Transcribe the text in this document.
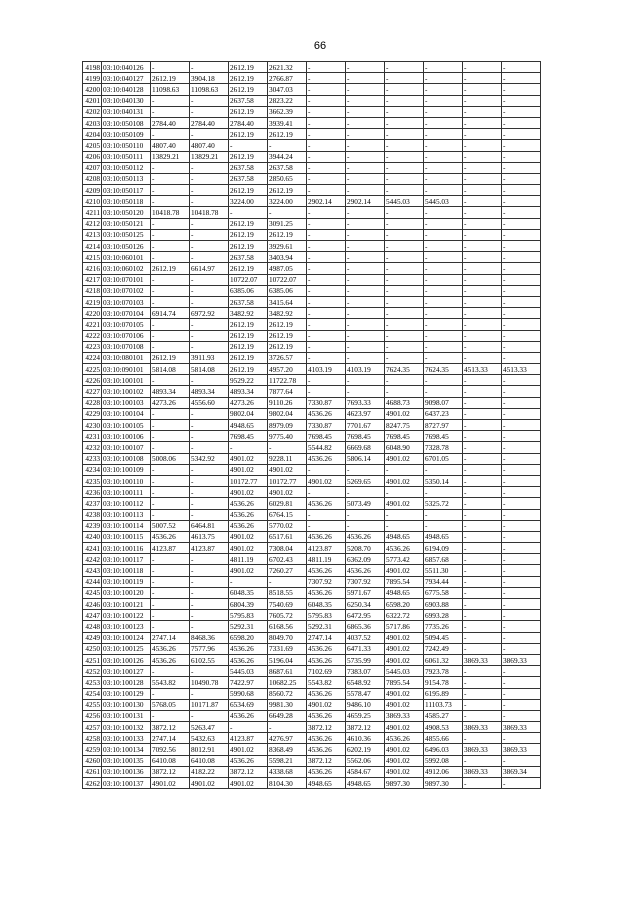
66
4198	03:10:040126	-	-	2612.19	2621.32	-	-	-	-	-	-
4199	03:10:040127	2612.19	3904.18	2612.19	2766.87	-	-	-	-	-	-
4200	03:10:040128	11098.63	11098.63	2612.19	3047.03	-	-	-	-	-	-
4201	03:10:040130	-	-	2637.58	2823.22	-	-	-	-	-	-
4202	03:10:040131	-	-	2612.19	3662.39	-	-	-	-	-	-
4203	03:10:050108	2784.40	2784.40	2784.40	3939.41	-	-	-	-	-	-
4204	03:10:050109	-	-	2612.19	2612.19	-	-	-	-	-	-
4205	03:10:050110	4807.40	4807.40	-	-	-	-	-	-	-	-
4206	03:10:050111	13829.21	13829.21	2612.19	3944.24	-	-	-	-	-	-
4207	03:10:050112	-	-	2637.58	2637.58	-	-	-	-	-	-
4208	03:10:050113	-	-	2637.58	2850.65	-	-	-	-	-	-
4209	03:10:050117	-	-	2612.19	2612.19	-	-	-	-	-	-
4210	03:10:050118	-	-	3224.00	3224.00	2902.14	2902.14	5445.03	5445.03	-	-
4211	03:10:050120	10418.78	10418.78	-	-	-	-	-	-	-	-
4212	03:10:050121	-	-	2612.19	3091.25	-	-	-	-	-	-
4213	03:10:050125	-	-	2612.19	2612.19	-	-	-	-	-	-
4214	03:10:050126	-	-	2612.19	3929.61	-	-	-	-	-	-
4215	03:10:060101	-	-	2637.58	3403.94	-	-	-	-	-	-
4216	03:10:060102	2612.19	6614.97	2612.19	4987.05	-	-	-	-	-	-
4217	03:10:070101	-	-	10722.07	10722.07	-	-	-	-	-	-
4218	03:10:070102	-	-	6385.06	6385.06	-	-	-	-	-	-
4219	03:10:070103	-	-	2637.58	3415.64	-	-	-	-	-	-
4220	03:10:070104	6914.74	6972.92	3482.92	3482.92	-	-	-	-	-	-
4221	03:10:070105	-	-	2612.19	2612.19	-	-	-	-	-	-
4222	03:10:070106	-	-	2612.19	2612.19	-	-	-	-	-	-
4223	03:10:070108	-	-	2612.19	2612.19	-	-	-	-	-	-
4224	03:10:080101	2612.19	3911.93	2612.19	3726.57	-	-	-	-	-	-
4225	03:10:090101	5814.08	5814.08	2612.19	4957.20	4103.19	4103.19	7624.35	7624.35	4513.33	4513.33
4226	03:10:100101	-	-	9529.22	11722.78	-	-	-	-	-	-
4227	03:10:100102	4893.34	4893.34	4893.34	7877.64	-	-	-	-	-	-
4228	03:10:100103	4273.26	4556.60	4273.26	9110.26	7330.87	7693.33	4688.73	9098.07	-	-
4229	03:10:100104	-	-	9802.04	9802.04	4536.26	4623.97	4901.02	6437.23	-	-
4230	03:10:100105	-	-	4948.65	8979.09	7330.87	7701.67	8247.75	8727.97	-	-
4231	03:10:100106	-	-	7698.45	9775.40	7698.45	7698.45	7698.45	7698.45	-	-
4232	03:10:100107	-	-	-	-	5544.82	6669.68	6048.90	7328.78	-	-
4233	03:10:100108	5008.06	5342.92	4901.02	9228.11	4536.26	5806.14	4901.02	6701.05	-	-
4234	03:10:100109	-	-	4901.02	4901.02	-	-	-	-	-	-
4235	03:10:100110	-	-	10172.77	10172.77	4901.02	5269.65	4901.02	5350.14	-	-
4236	03:10:100111	-	-	4901.02	4901.02	-	-	-	-	-	-
4237	03:10:100112	-	-	4536.26	6029.81	4536.26	5073.49	4901.02	5325.72	-	-
4238	03:10:100113	-	-	4536.26	6764.15	-	-	-	-	-	-
4239	03:10:100114	5007.52	6464.81	4536.26	5770.02	-	-	-	-	-	-
4240	03:10:100115	4536.26	4613.75	4901.02	6517.61	4536.26	4536.26	4948.65	4948.65	-	-
4241	03:10:100116	4123.87	4123.87	4901.02	7308.04	4123.87	5208.70	4536.26	6194.09	-	-
4242	03:10:100117	-	-	4811.19	6702.43	4811.19	6362.09	5773.42	6857.68	-	-
4243	03:10:100118	-	-	4901.02	7260.27	4536.26	4536.26	4901.02	5511.30	-	-
4244	03:10:100119	-	-	-	-	7307.92	7307.92	7895.54	7934.44	-	-
4245	03:10:100120	-	-	6048.35	8518.55	4536.26	5971.67	4948.65	6775.58	-	-
4246	03:10:100121	-	-	6804.39	7540.69	6048.35	6250.34	6598.20	6903.88	-	-
4247	03:10:100122	-	-	5795.83	7605.72	5795.83	6472.95	6322.72	6993.28	-	-
4248	03:10:100123	-	-	5292.31	6168.56	5292.31	6865.36	5717.86	7735.26	-	-
4249	03:10:100124	2747.14	8468.36	6598.20	8049.70	2747.14	4037.52	4901.02	5094.45	-	-
4250	03:10:100125	4536.26	7577.96	4536.26	7331.69	4536.26	6471.33	4901.02	7242.49	-	-
4251	03:10:100126	4536.26	6102.55	4536.26	5196.04	4536.26	5735.99	4901.02	6061.32	3869.33	3869.33
4252	03:10:100127	-	-	5445.03	8687.61	7102.69	7383.07	5445.03	7923.78	-	-
4253	03:10:100128	5543.82	10490.78	7422.97	10682.25	5543.82	6548.92	7895.54	9154.78	-	-
4254	03:10:100129	-	-	5990.68	8560.72	4536.26	5578.47	4901.02	6195.89	-	-
4255	03:10:100130	5768.05	10171.87	6534.69	9981.30	4901.02	9486.10	4901.02	11103.73	-	-
4256	03:10:100131	-	-	4536.26	6649.28	4536.26	4659.25	3869.33	4585.27	-	-
4257	03:10:100132	3872.12	5263.47	-	-	3872.12	3872.12	4901.02	4908.53	3869.33	3869.33
4258	03:10:100133	2747.14	5432.63	4123.87	4276.97	4536.26	4610.36	4536.26	4855.66	-	-
4259	03:10:100134	7092.56	8012.91	4901.02	8368.49	4536.26	6202.19	4901.02	6496.03	3869.33	3869.33
4260	03:10:100135	6410.08	6410.08	4536.26	5598.21	3872.12	5562.06	4901.02	5992.08	-	-
4261	03:10:100136	3872.12	4182.22	3872.12	4338.68	4536.26	4584.67	4901.02	4912.06	3869.33	3869.34
4262	03:10:100137	4901.02	4901.02	4901.02	8104.30	4948.65	4948.65	9897.30	9897.30	-	-
